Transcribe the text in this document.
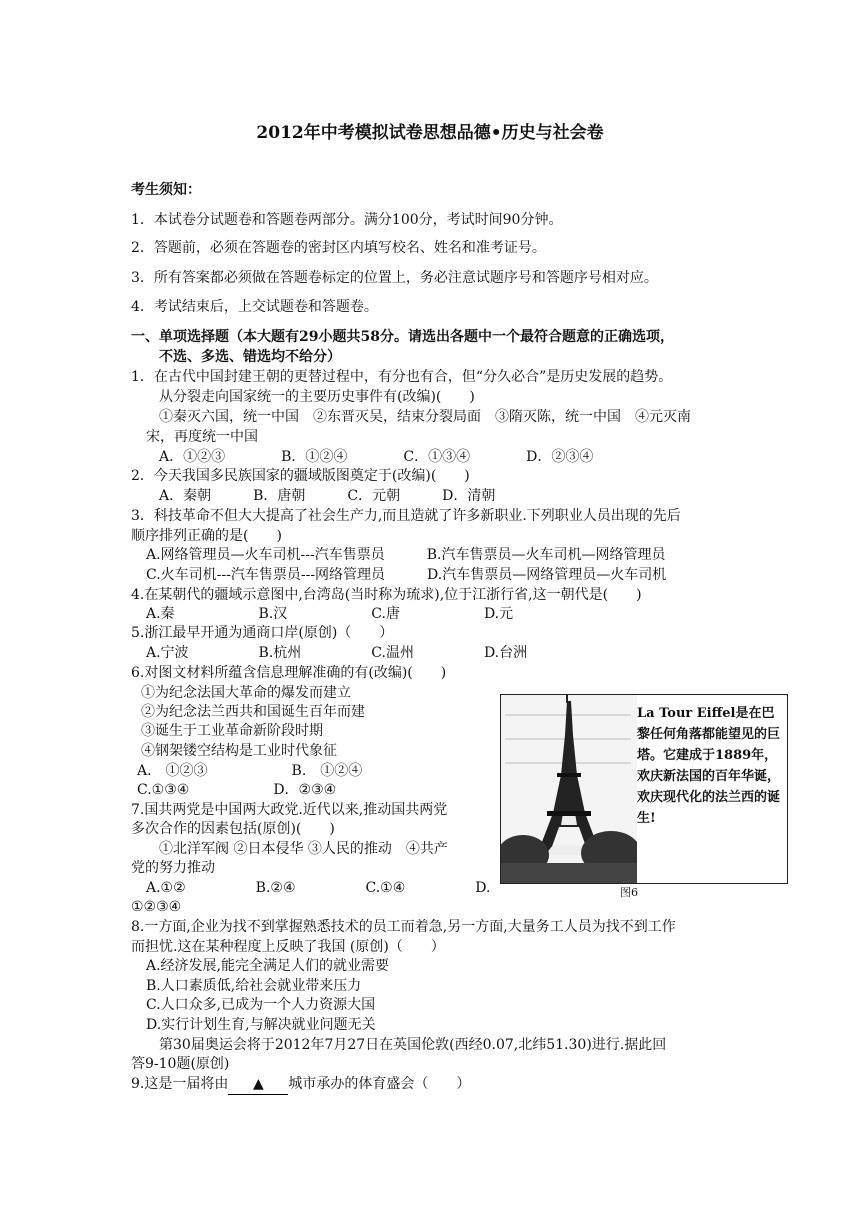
2012年中考模拟试卷思想品德•历史与社会卷
考生须知：
1．本试卷分试题卷和答题卷两部分。满分100分，考试时间90分钟。
2．答题前，必须在答题卷的密封区内填写校名、姓名和准考证号。
3．所有答案都必须做在答题卷标定的位置上，务必注意试题序号和答题序号相对应。
4．考试结束后，上交试题卷和答题卷。
一、单项选择题（本大题有29小题共58分。请选出各题中一个最符合题意的正确选项，
不选、多选、错选均不给分）
1．在古代中国封建王朝的更替过程中，有分也有合，但“分久必合”是历史发展的趋势。
从分裂走向国家统一的主要历史事件有(改编)(　　)
①秦灭六国，统一中国　②东晋灭吴，结束分裂局面　③隋灭陈，统一中国　④元灭南
宋，再度统一中国
A．①②③　　　　B．①②④　　　　C．①③④　　　　D．②③④
2．今天我国多民族国家的疆域版图奠定于(改编)(　　)
A．秦朝　　　B．唐朝　　　C．元朝　　　D．清朝
3．科技革命不但大大提高了社会生产力,而且造就了许多新职业.下列职业人员出现的先后
顺序排列正确的是(　　)
A.网络管理员—火车司机---汽车售票员　　　B.汽车售票员—火车司机—网络管理员
C.火车司机---汽车售票员---网络管理员　　　D.汽车售票员—网络管理员—火车司机
4.在某朝代的疆域示意图中,台湾岛(当时称为琉求),位于江浙行省,这一朝代是(　　)
A.秦　　　　　　B.汉　　　　　　C.唐　　　　　　D.元
5.浙江最早开通为通商口岸(原创)（　　）
A.宁波　　　　　B.杭州　　　　　C.温州　　　　　D.台洲
6.对图文材料所蕴含信息理解准确的有(改编)(　　)
①为纪念法国大革命的爆发而建立
②为纪念法兰西共和国诞生百年而建
③诞生于工业革命新阶段时期
④钢架镂空结构是工业时代象征
A.　①②③　　　　　　B.　①②④
C.①③④　　　　　　D．②③④
La Tour Eiffel是在巴黎任何角落都能望见的巨塔。它建成于1889年，欢庆新法国的百年华诞，欢庆现代化的法兰西的诞生!
图6
7.国共两党是中国两大政党.近代以来,推动国共两党
多次合作的因素包括(原创)(　　)
①北洋军阀 ②日本侵华 ③人民的推动　④共产
党的努力推动
A.①②　　　　　B.②④　　　　　C.①④　　　　　D.
①②③④
8.一方面,企业为找不到掌握熟悉技术的员工而着急,另一方面,大量务工人员为找不到工作
而担忧.这在某种程度上反映了我国 (原创)（　　）
A.经济发展,能完全满足人们的就业需要
B.人口素质低,给社会就业带来压力
C.人口众多,已成为一个人力资源大国
D.实行计划生育,与解决就业问题无关
第30届奥运会将于2012年7月27日在英国伦敦(西经0.07,北纬51.30)进行.据此回
答9-10题(原创)
9.这是一届将由 ▲ 城市承办的体育盛会（　　）
